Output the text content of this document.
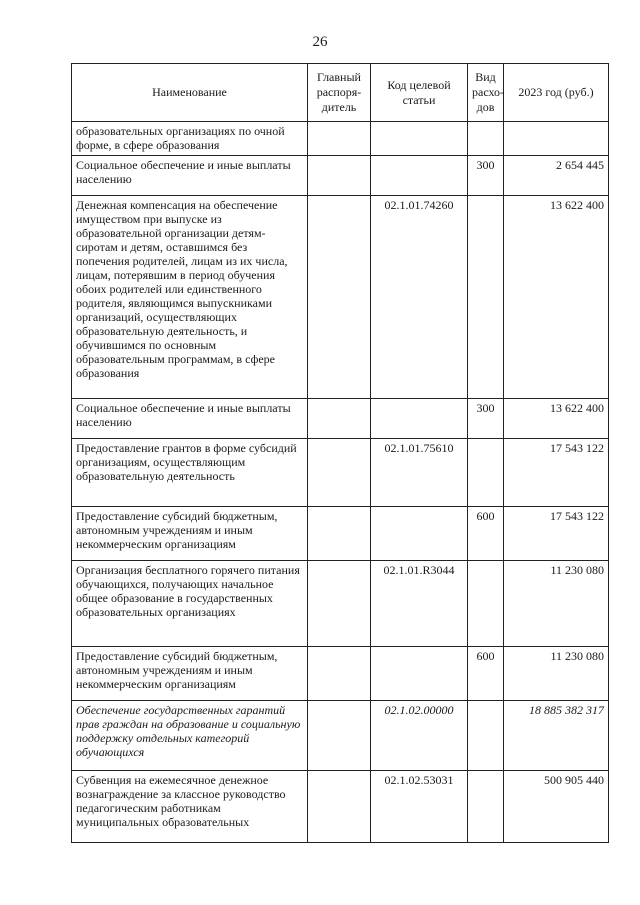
26
Наименование	Главный распоря-дитель	Код целевой статьи	Вид расхо-дов	2023 год (руб.)
образовательных организациях по очной форме, в сфере образования				
Социальное обеспечение и иные выплаты населению			300	2 654 445
Денежная компенсация на обеспечение имуществом при выпуске из образовательной организации детям-сиротам и детям, оставшимся без попечения родителей, лицам из их числа, лицам, потерявшим в период обучения обоих родителей или единственного родителя, являющимся выпускниками организаций, осуществляющих образовательную деятельность, и обучившимся по основным образовательным программам, в сфере образования		02.1.01.74260		13 622 400
Социальное обеспечение и иные выплаты населению			300	13 622 400
Предоставление грантов в форме субсидий организациям, осуществляющим образовательную деятельность		02.1.01.75610		17 543 122
Предоставление субсидий бюджетным, автономным учреждениям и иным некоммерческим организациям			600	17 543 122
Организация бесплатного горячего питания обучающихся, получающих начальное общее образование в государственных образовательных организациях		02.1.01.R3044		11 230 080
Предоставление субсидий бюджетным, автономным учреждениям и иным некоммерческим организациям			600	11 230 080
Обеспечение государственных гарантий прав граждан на образование и социальную поддержку отдельных категорий обучающихся		02.1.02.00000		18 885 382 317
Субвенция на ежемесячное денежное вознаграждение за классное руководство педагогическим работникам муниципальных образовательных		02.1.02.53031		500 905 440
